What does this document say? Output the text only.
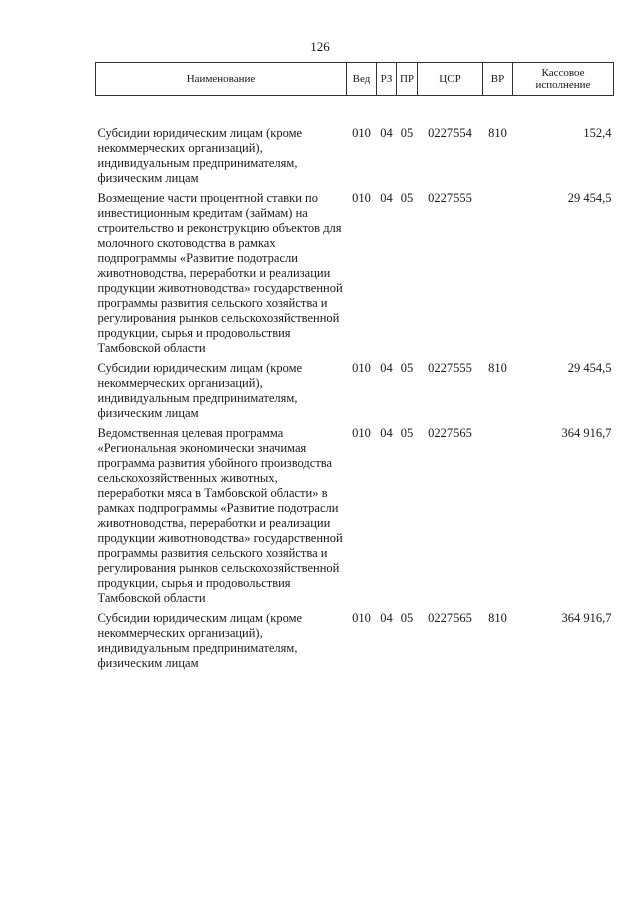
126
Наименование	Вед	РЗ	ПР	ЦСР	ВР	Кассовое исполнение

Субсидии юридическим лицам (кроме некоммерческих организаций), индивидуальным предпринимателям, физическим лицам	010	04	05	0227554	810	152,4
Возмещение части процентной ставки по инвестиционным кредитам (займам) на строительство и реконструкцию объектов для молочного скотоводства в рамках подпрограммы «Развитие подотрасли животноводства, переработки и реализации продукции животноводства» государственной программы развития сельского хозяйства и регулирования рынков сельскохозяйственной продукции, сырья и продовольствия Тамбовской области	010	04	05	0227555		29 454,5
Субсидии юридическим лицам (кроме некоммерческих организаций), индивидуальным предпринимателям, физическим лицам	010	04	05	0227555	810	29 454,5
Ведомственная целевая программа «Региональная экономически значимая программа развития убойного производства сельскохозяйственных животных, переработки мяса в Тамбовской области» в рамках подпрограммы «Развитие подотрасли животноводства, переработки и реализации продукции животноводства» государственной программы развития сельского хозяйства и регулирования рынков сельскохозяйственной продукции, сырья и продовольствия Тамбовской области	010	04	05	0227565		364 916,7
Субсидии юридическим лицам (кроме некоммерческих организаций), индивидуальным предпринимателям, физическим лицам	010	04	05	0227565	810	364 916,7
